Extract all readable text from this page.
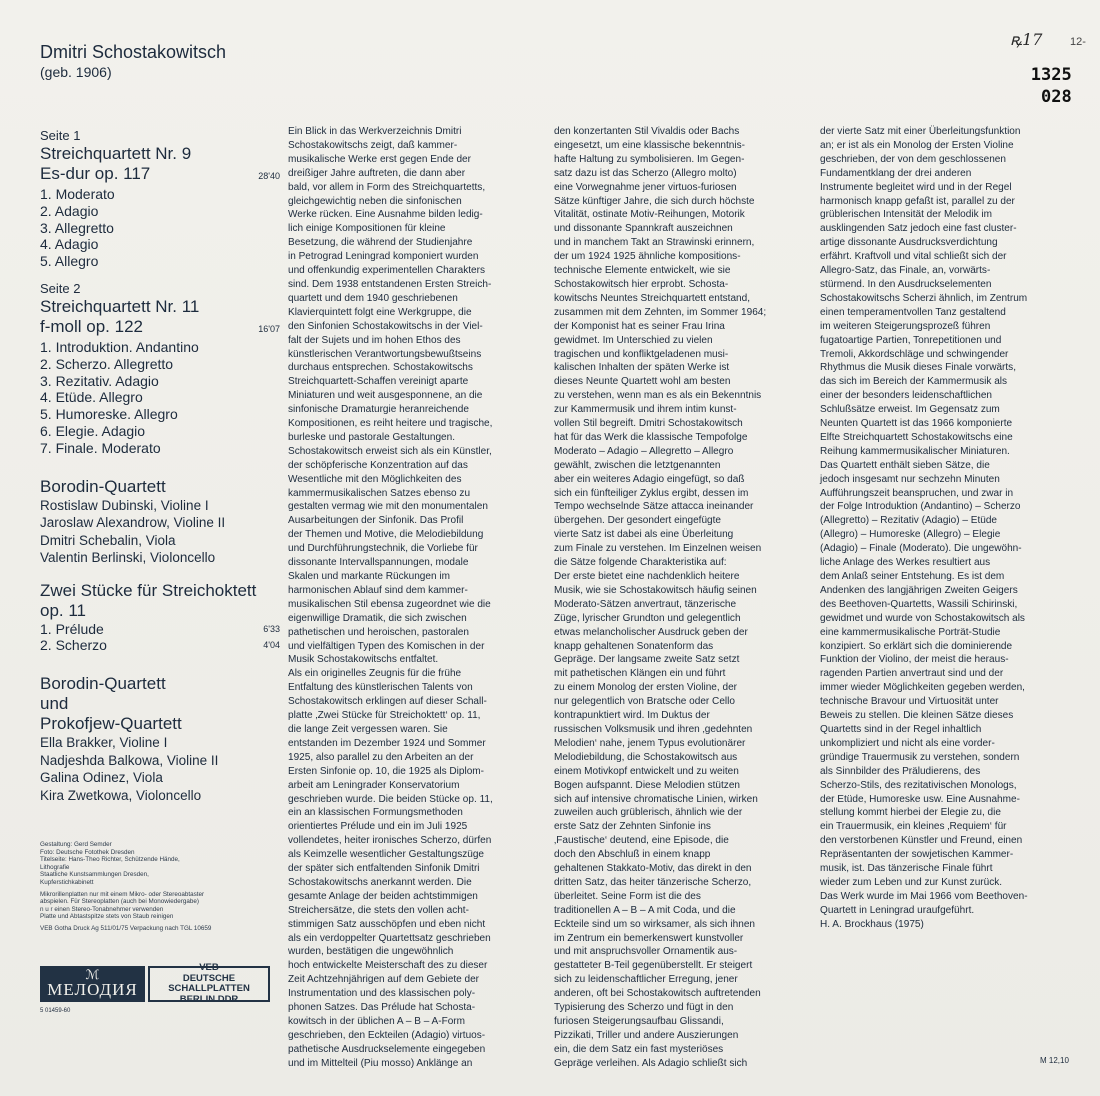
Dmitri Schostakowitsch
(geb. 1906)
ꝶ17	12-
1325
028
Seite 1
Streichquartett Nr. 9
Es-dur op. 117	28'40
1. Moderato
2. Adagio
3. Allegretto
4. Adagio
5. Allegro
Seite 2
Streichquartett Nr. 11
f-moll op. 122	16'07
1. Introduktion. Andantino
2. Scherzo. Allegretto
3. Rezitativ. Adagio
4. Etüde. Allegro
5. Humoreske. Allegro
6. Elegie. Adagio
7. Finale. Moderato
Borodin-Quartett
Rostislaw Dubinski, Violine I
Jaroslaw Alexandrow, Violine II
Dmitri Schebalin, Viola
Valentin Berlinski, Violoncello
Zwei Stücke für Streichoktett
op. 11
1. Prélude	6'33
2. Scherzo	4'04
Borodin-Quartett
und
Prokofjew-Quartett
Ella Brakker, Violine I
Nadjeshda Balkowa, Violine II
Galina Odinez, Viola
Kira Zwetkowa, Violoncello

Gestaltung: Gerd Semder

Foto: Deutsche Fotothek Dresden

Titelseite: Hans-Theo Richter, Schützende Hände,

Lithografie

Staatliche Kunstsammlungen Dresden,

Kupferstichkabinett

Mikrorillenplatten nur mit einem Mikro- oder Stereoabtaster

abspielen. Für Stereoplatten (auch bei Monowiedergabe)

n u r einen Stereo-Tonabnehmer verwenden

Platte und Abtastspitze stets von Staub reinigen

VEB Gotha Druck Ag 511/01/75 Verpackung nach TGL 10659

ℳ
МЕЛОДИЯ
VEB
DEUTSCHE
SCHALLPLATTEN
BERLIN DDR
5 01459-60
M 12,10
Ein Blick in das Werkverzeichnis Dmitri
Schostakowitschs zeigt, daß kammer-
musikalische Werke erst gegen Ende der
dreißiger Jahre auftreten, die dann aber
bald, vor allem in Form des Streichquartetts,
gleichgewichtig neben die sinfonischen
Werke rücken. Eine Ausnahme bilden ledig-
lich einige Kompositionen für kleine
Besetzung, die während der Studienjahre
in Petrograd Leningrad komponiert wurden
und offenkundig experimentellen Charakters
sind. Dem 1938 entstandenen Ersten Streich-
quartett und dem 1940 geschriebenen
Klavierquintett folgt eine Werkgruppe, die
den Sinfonien Schostakowitschs in der Viel-
falt der Sujets und im hohen Ethos des
künstlerischen Verantwortungsbewußtseins
durchaus entsprechen. Schostakowitschs
Streichquartett-Schaffen vereinigt aparte
Miniaturen und weit ausgesponnene, an die
sinfonische Dramaturgie heranreichende
Kompositionen, es reiht heitere und tragische,
burleske und pastorale Gestaltungen.
Schostakowitsch erweist sich als ein Künstler,
der schöpferische Konzentration auf das
Wesentliche mit den Möglichkeiten des
kammermusikalischen Satzes ebenso zu
gestalten vermag wie mit den monumentalen
Ausarbeitungen der Sinfonik. Das Profil
der Themen und Motive, die Melodiebildung
und Durchführungstechnik, die Vorliebe für
dissonante Intervallspannungen, modale
Skalen und markante Rückungen im
harmonischen Ablauf sind dem kammer-
musikalischen Stil ebensa zugeordnet wie die
eigenwillige Dramatik, die sich zwischen
pathetischen und heroischen, pastoralen
und vielfältigen Typen des Komischen in der
Musik Schostakowitschs entfaltet.
Als ein originelles Zeugnis für die frühe
Entfaltung des künstlerischen Talents von
Schostakowitsch erklingen auf dieser Schall-
platte ‚Zwei Stücke für Streichoktett‘ op. 11,
die lange Zeit vergessen waren. Sie
entstanden im Dezember 1924 und Sommer
1925, also parallel zu den Arbeiten an der
Ersten Sinfonie op. 10, die 1925 als Diplom-
arbeit am Leningrader Konservatorium
geschrieben wurde. Die beiden Stücke op. 11,
ein an klassischen Formungsmethoden
orientiertes Prélude und ein im Juli 1925
vollendetes, heiter ironisches Scherzo, dürfen
als Keimzelle wesentlicher Gestaltungszüge
der später sich entfaltenden Sinfonik Dmitri
Schostakowitschs anerkannt werden. Die
gesamte Anlage der beiden achtstimmigen
Streichersätze, die stets den vollen acht-
stimmigen Satz ausschöpfen und eben nicht
als ein verdoppelter Quartettsatz geschrieben
wurden, bestätigen die ungewöhnlich
hoch entwickelte Meisterschaft des zu dieser
Zeit Achtzehnjährigen auf dem Gebiete der
Instrumentation und des klassischen poly-
phonen Satzes. Das Prélude hat Schosta-
kowitsch in der üblichen A – B – A-Form
geschrieben, den Eckteilen (Adagio) virtuos-
pathetische Ausdruckselemente eingegeben
und im Mittelteil (Piu mosso) Anklänge an
den konzertanten Stil Vivaldis oder Bachs
eingesetzt, um eine klassische bekenntnis-
hafte Haltung zu symbolisieren. Im Gegen-
satz dazu ist das Scherzo (Allegro molto)
eine Vorwegnahme jener virtuos-furiosen
Sätze künftiger Jahre, die sich durch höchste
Vitalität, ostinate Motiv-Reihungen, Motorik
und dissonante Spannkraft auszeichnen
und in manchem Takt an Strawinski erinnern,
der um 1924 1925 ähnliche kompositions-
technische Elemente entwickelt, wie sie
Schostakowitsch hier erprobt. Schosta-
kowitschs Neuntes Streichquartett entstand,
zusammen mit dem Zehnten, im Sommer 1964;
der Komponist hat es seiner Frau Irina
gewidmet. Im Unterschied zu vielen
tragischen und konfliktgeladenen musi-
kalischen Inhalten der späten Werke ist
dieses Neunte Quartett wohl am besten
zu verstehen, wenn man es als ein Bekenntnis
zur Kammermusik und ihrem intim kunst-
vollen Stil begreift. Dmitri Schostakowitsch
hat für das Werk die klassische Tempofolge
Moderato – Adagio – Allegretto – Allegro
gewählt, zwischen die letztgenannten
aber ein weiteres Adagio eingefügt, so daß
sich ein fünfteiliger Zyklus ergibt, dessen im
Tempo wechselnde Sätze attacca ineinander
übergehen. Der gesondert eingefügte
vierte Satz ist dabei als eine Überleitung
zum Finale zu verstehen. Im Einzelnen weisen
die Sätze folgende Charakteristika auf:
Der erste bietet eine nachdenklich heitere
Musik, wie sie Schostakowitsch häufig seinen
Moderato-Sätzen anvertraut, tänzerische
Züge, lyrischer Grundton und gelegentlich
etwas melancholischer Ausdruck geben der
knapp gehaltenen Sonatenform das
Gepräge. Der langsame zweite Satz setzt
mit pathetischen Klängen ein und führt
zu einem Monolog der ersten Violine, der
nur gelegentlich von Bratsche oder Cello
kontrapunktiert wird. Im Duktus der
russischen Volksmusik und ihren ‚gedehnten
Melodien‘ nahe, jenem Typus evolutionärer
Melodiebildung, die Schostakowitsch aus
einem Motivkopf entwickelt und zu weiten
Bogen aufspannt. Diese Melodien stützen
sich auf intensive chromatische Linien, wirken
zuweilen auch grüblerisch, ähnlich wie der
erste Satz der Zehnten Sinfonie ins
‚Faustische‘ deutend, eine Episode, die
doch den Abschluß in einem knapp
gehaltenen Stakkato-Motiv, das direkt in den
dritten Satz, das heiter tänzerische Scherzo,
überleitet. Seine Form ist die des
traditionellen A – B – A mit Coda, und die
Eckteile sind um so wirksamer, als sich ihnen
im Zentrum ein bemerkenswert kunstvoller
und mit anspruchsvoller Ornamentik aus-
gestatteter B-Teil gegenüberstellt. Er steigert
sich zu leidenschaftlicher Erregung, jener
anderen, oft bei Schostakowitsch auftretenden
Typisierung des Scherzo und fügt in den
furiosen Steigerungsaufbau Glissandi,
Pizzikati, Triller und andere Auszierungen
ein, die dem Satz ein fast mysteriöses
Gepräge verleihen. Als Adagio schließt sich
der vierte Satz mit einer Überleitungsfunktion
an; er ist als ein Monolog der Ersten Violine
geschrieben, der von dem geschlossenen
Fundamentklang der drei anderen
Instrumente begleitet wird und in der Regel
harmonisch knapp gefaßt ist, parallel zu der
grüblerischen Intensität der Melodik im
ausklingenden Satz jedoch eine fast cluster-
artige dissonante Ausdrucksverdichtung
erfährt. Kraftvoll und vital schließt sich der
Allegro-Satz, das Finale, an, vorwärts-
stürmend. In den Ausdruckselementen
Schostakowitschs Scherzi ähnlich, im Zentrum
einen temperamentvollen Tanz gestaltend
im weiteren Steigerungsprozeß führen
fugatoartige Partien, Tonrepetitionen und
Tremoli, Akkordschläge und schwingender
Rhythmus die Musik dieses Finale vorwärts,
das sich im Bereich der Kammermusik als
einer der besonders leidenschaftlichen
Schlußsätze erweist. Im Gegensatz zum
Neunten Quartett ist das 1966 komponierte
Elfte Streichquartett Schostakowitschs eine
Reihung kammermusikalischer Miniaturen.
Das Quartett enthält sieben Sätze, die
jedoch insgesamt nur sechzehn Minuten
Aufführungszeit beanspruchen, und zwar in
der Folge Introduktion (Andantino) – Scherzo
(Allegretto) – Rezitativ (Adagio) – Etüde
(Allegro) – Humoreske (Allegro) – Elegie
(Adagio) – Finale (Moderato). Die ungewöhn-
liche Anlage des Werkes resultiert aus
dem Anlaß seiner Entstehung. Es ist dem
Andenken des langjährigen Zweiten Geigers
des Beethoven-Quartetts, Wassili Schirinski,
gewidmet und wurde von Schostakowitsch als
eine kammermusikalische Porträt-Studie
konzipiert. So erklärt sich die dominierende
Funktion der Violino, der meist die heraus-
ragenden Partien anvertraut sind und der
immer wieder Möglichkeiten gegeben werden,
technische Bravour und Virtuosität unter
Beweis zu stellen. Die kleinen Sätze dieses
Quartetts sind in der Regel inhaltlich
unkompliziert und nicht als eine vorder-
gründige Trauermusik zu verstehen, sondern
als Sinnbilder des Präludierens, des
Scherzo-Stils, des rezitativischen Monologs,
der Etüde, Humoreske usw. Eine Ausnahme-
stellung kommt hierbei der Elegie zu, die
ein Trauermusik, ein kleines ‚Requiem‘ für
den verstorbenen Künstler und Freund, einen
Repräsentanten der sowjetischen Kammer-
musik, ist. Das tänzerische Finale führt
wieder zum Leben und zur Kunst zurück.
Das Werk wurde im Mai 1966 vom Beethoven-
Quartett in Leningrad uraufgeführt.
H. A. Brockhaus (1975)
